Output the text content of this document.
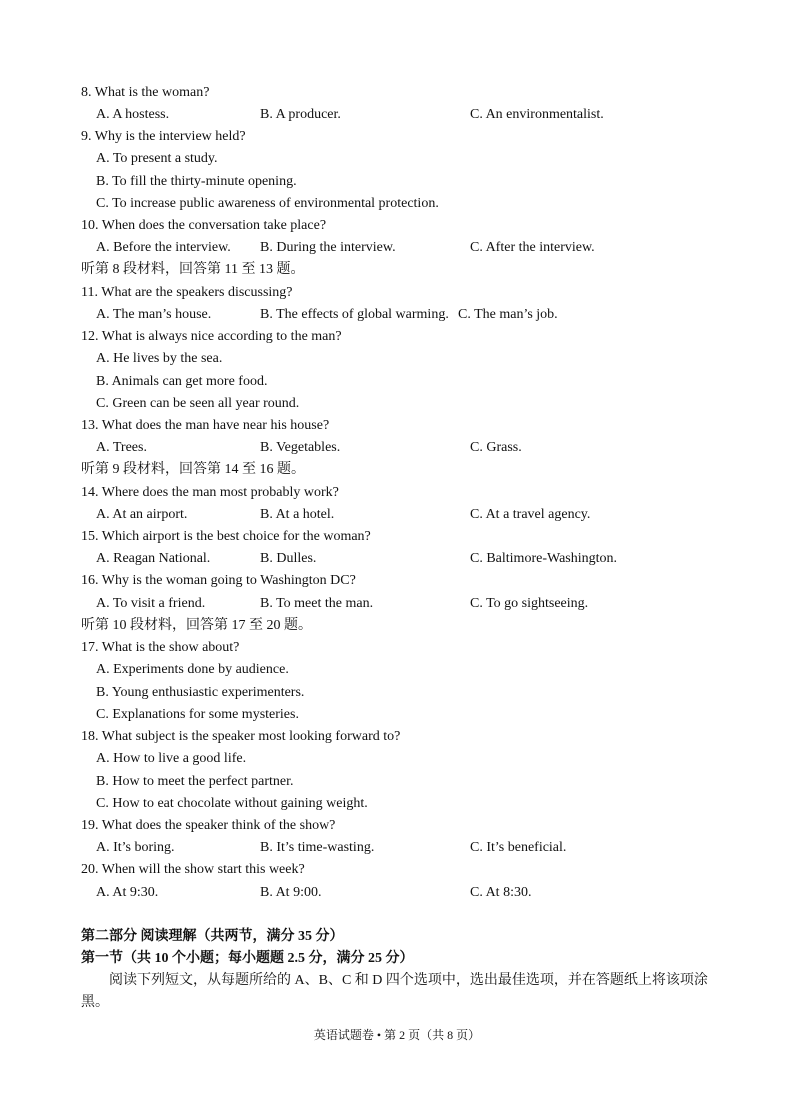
8. What is the woman?
A. A hostess.	B. A producer.	C. An environmentalist.
9. Why is the interview held?
A. To present a study.
B. To fill the thirty-minute opening.
C. To increase public awareness of environmental protection.
10. When does the conversation take place?
A. Before the interview. B. During the interview.	C. After the interview.
听第 8 段材料，回答第 11 至 13 题。
11. What are the speakers discussing?
A. The man’s house.	B. The effects of global warming. C. The man’s job.
12. What is always nice according to the man?
A. He lives by the sea.
B. Animals can get more food.
C. Green can be seen all year round.
13. What does the man have near his house?
A. Trees.	B. Vegetables.	C. Grass.
听第 9 段材料，回答第 14 至 16 题。
14. Where does the man most probably work?
A. At an airport.	B. At a hotel.	C. At a travel agency.
15. Which airport is the best choice for the woman?
A. Reagan National.	B. Dulles.	C. Baltimore-Washington.
16. Why is the woman going to Washington DC?
A. To visit a friend.	B. To meet the man.	C. To go sightseeing.
听第 10 段材料，回答第 17 至 20 题。
17. What is the show about?
A. Experiments done by audience.
B. Young enthusiastic experimenters.
C. Explanations for some mysteries.
18. What subject is the speaker most looking forward to?
A. How to live a good life.
B. How to meet the perfect partner.
C. How to eat chocolate without gaining weight.
19. What does the speaker think of the show?
A. It’s boring.	B. It’s time-wasting.	C. It’s beneficial.
20. When will the show start this week?
A. At 9:30.	B. At 9:00.	C. At 8:30.
第二部分 阅读理解（共两节，满分 35 分）
第一节（共 10 个小题；每小题题 2.5 分，满分 25 分）
阅读下列短文，从每题所给的 A、B、C 和 D 四个选项中，选出最佳选项，并在答题纸上将该项涂黑。
英语试题卷 • 第 2 页（共 8 页）
